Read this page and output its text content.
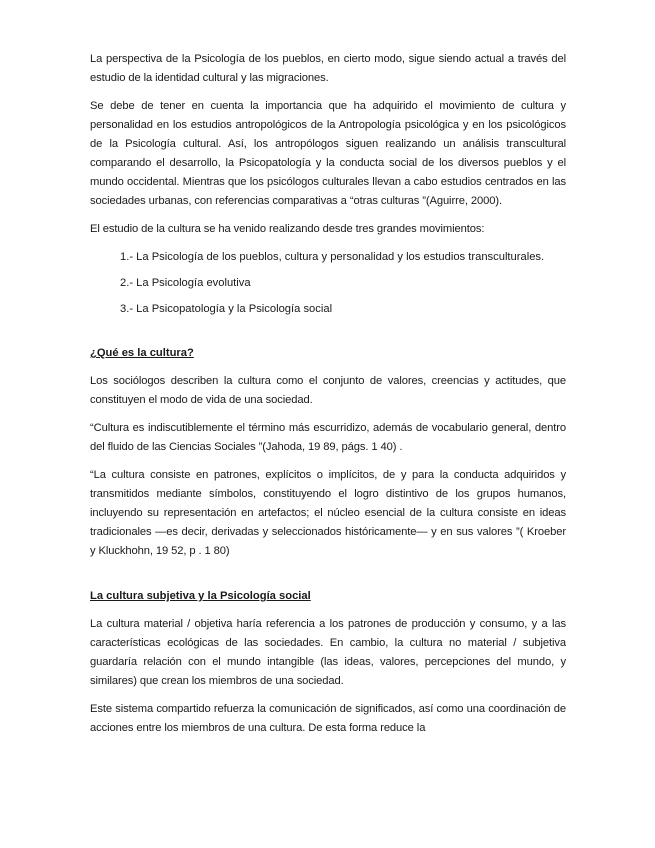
La perspectiva de la Psicología de los pueblos, en cierto modo, sigue siendo actual a través del estudio de la identidad cultural y las migraciones.

Se debe de tener en cuenta la importancia que ha adquirido el movimiento de cultura y personalidad en los estudios antropológicos de la Antropología psicológica y en los psicológicos de la Psicología cultural. Así, los antropólogos siguen realizando un análisis transcultural comparando el desarrollo, la Psicopatología y la conducta social de los diversos pueblos y el mundo occidental. Mientras que los psicólogos culturales llevan a cabo estudios centrados en las sociedades urbanas, con referencias comparativas a “otras culturas ”(Aguirre, 2000).

El estudio de la cultura se ha venido realizando desde tres grandes movimientos:

1.- La Psicología de los pueblos, cultura y personalidad y los estudios transculturales.
2.- La Psicología evolutiva
3.- La Psicopatología y la Psicología social
¿Qué es la cultura?

Los sociólogos describen la cultura como el conjunto de valores, creencias y actitudes, que constituyen el modo de vida de una sociedad.

“Cultura es indiscutiblemente el término más escurridizo, además de vocabulario general, dentro del fluido de las Ciencias Sociales ”(Jahoda, 19 89, págs. 1 40) .

“La cultura consiste en patrones, explícitos o implícitos, de y para la conducta adquiridos y transmitidos mediante símbolos, constituyendo el logro distintivo de los grupos humanos, incluyendo su representación en artefactos; el núcleo esencial de la cultura consiste en ideas tradicionales —es decir, derivadas y seleccionados históricamente— y en sus valores ”( Kroeber y Kluckhohn, 19 52, p . 1 80)

La cultura subjetiva y la Psicología social

La cultura material / objetiva haría referencia a los patrones de producción y consumo, y a las características ecológicas de las sociedades. En cambio, la cultura no material / subjetiva guardaría relación con el mundo intangible (las ideas, valores, percepciones del mundo, y similares) que crean los miembros de una sociedad.

Este sistema compartido refuerza la comunicación de significados, así como una coordinación de acciones entre los miembros de una cultura. De esta forma reduce la
